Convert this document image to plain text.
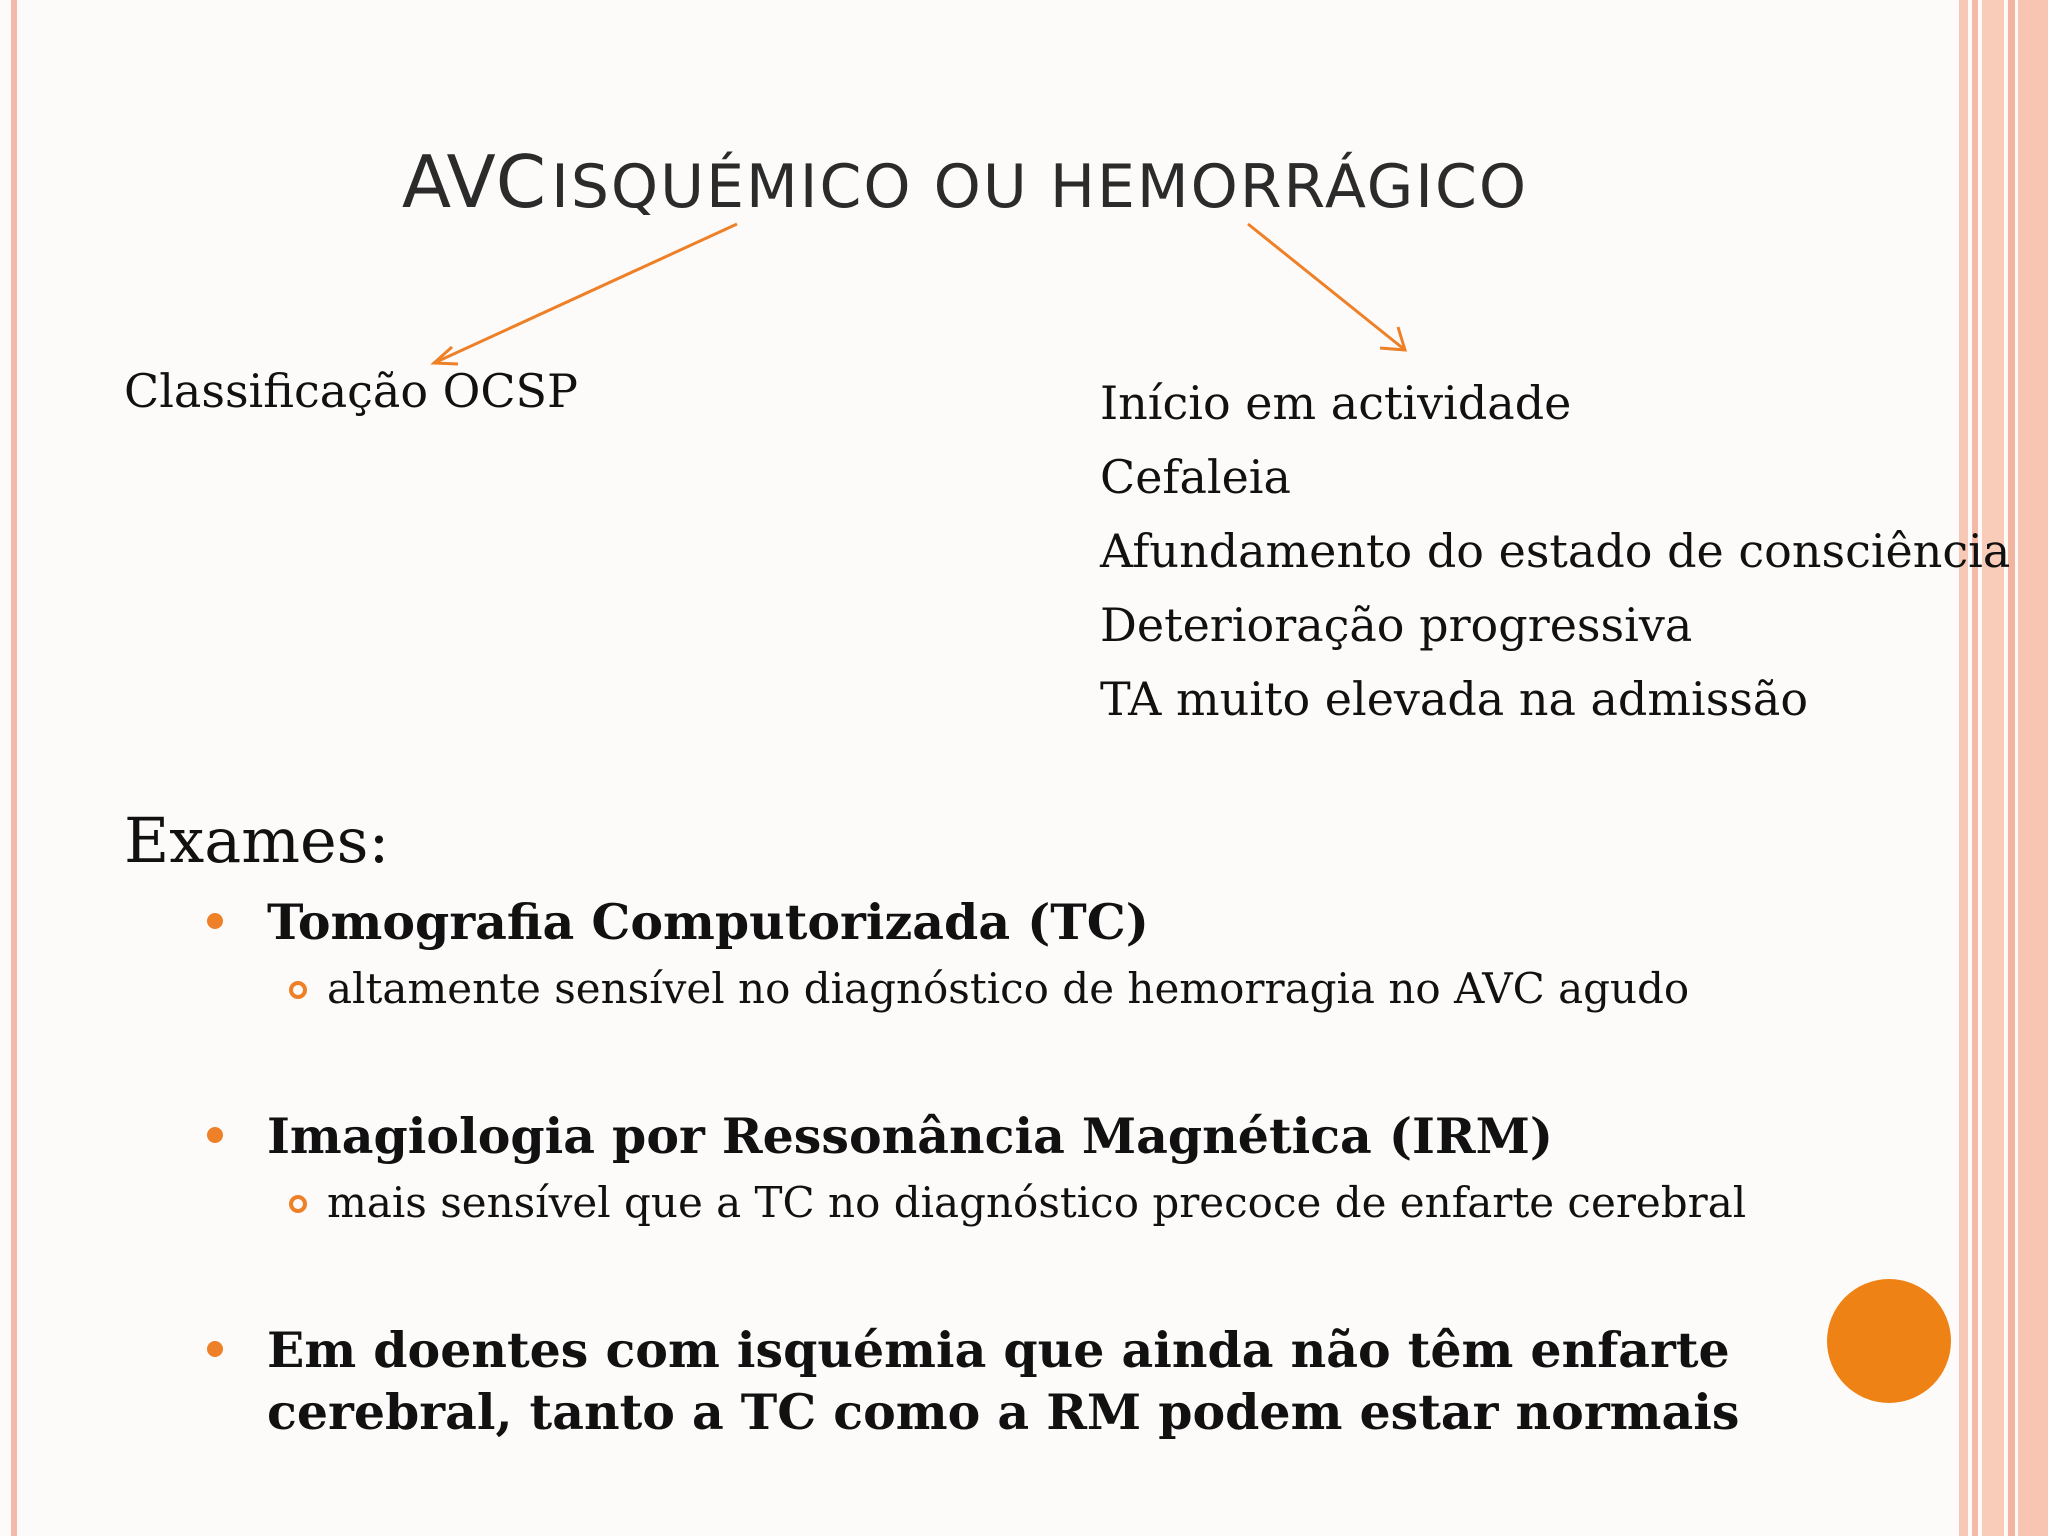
AVC ISQUÉMICO OU HEMORRÁGICO
Classificação OCSP	Início em actividade
Cefaleia
Afundamento do estado de consciência
Deterioração progressiva
TA muito elevada na admissão
Exames:
Tomografia Computorizada (TC)
altamente sensível no diagnóstico de hemorragia no AVC agudo
Imagiologia por Ressonância Magnética (IRM)
mais sensível que a TC no diagnóstico precoce de enfarte cerebral
Em doentes com isquémia que ainda não têm enfarte
cerebral, tanto a TC como a RM podem estar normais
